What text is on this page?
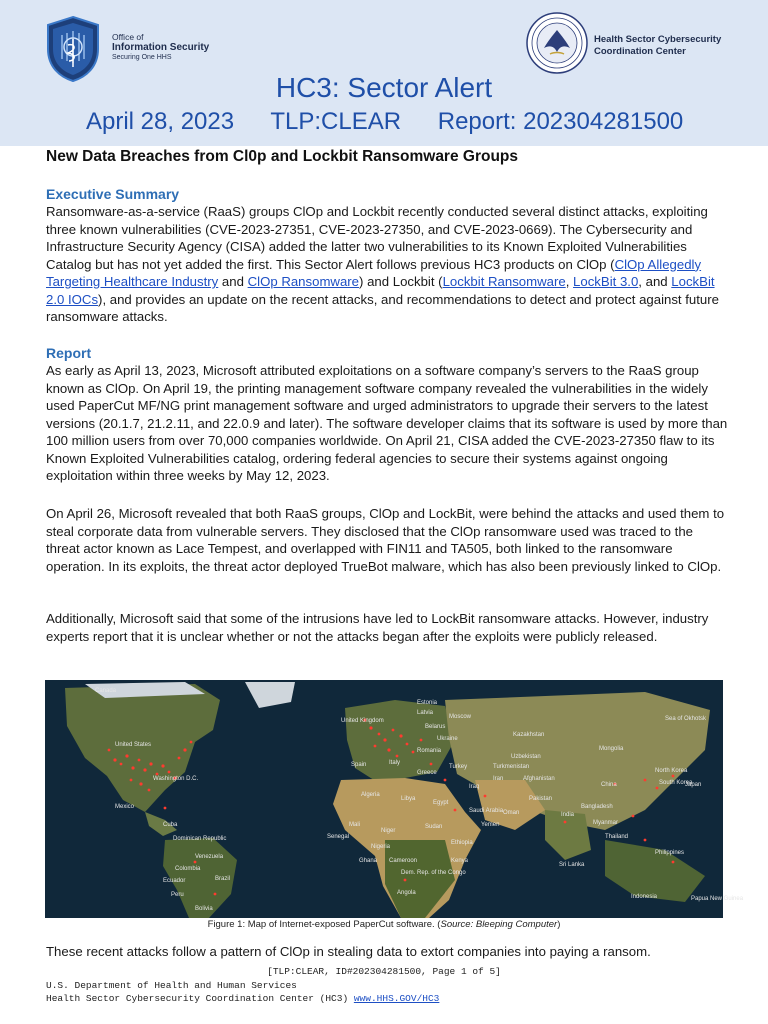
Office of
Information Security
Securing One HHS
Health Sector Cybersecurity
Coordination Center
HC3: Sector Alert
April 28, 2023 TLP:CLEAR Report: 202304281500
New Data Breaches from Cl0p and Lockbit Ransomware Groups
Executive Summary

Ransomware-as-a-service (RaaS) groups ClOp and Lockbit recently conducted several distinct attacks, exploiting three known vulnerabilities (CVE-2023-27351, CVE-2023-27350, and CVE-2023-0669). The Cybersecurity and Infrastructure Security Agency (CISA) added the latter two vulnerabilities to its Known Exploited Vulnerabilities Catalog but has not yet added the first. This Sector Alert follows previous HC3 products on ClOp (ClOp Allegedly Targeting Healthcare Industry and ClOp Ransomware) and Lockbit (Lockbit Ransomware, LockBit 3.0, and LockBit 2.0 IOCs), and provides an update on the recent attacks, and recommendations to detect and protect against future ransomware attacks.

Report

As early as April 13, 2023, Microsoft attributed exploitations on a software company’s servers to the RaaS group known as ClOp. On April 19, the printing management software company revealed the vulnerabilities in the widely used PaperCut MF/NG print management software and urged administrators to upgrade their servers to the latest versions (20.1.7, 21.2.11, and 22.0.9 and later). The software developer claims that its software is used by more than 100 million users from over 70,000 companies worldwide. On April 21, CISA added the CVE-2023-27350 flaw to its Known Exploited Vulnerabilities catalog, ordering federal agencies to secure their systems against ongoing exploitation within three weeks by May 12, 2023.

On April 26, Microsoft revealed that both RaaS groups, ClOp and LockBit, were behind the attacks and used them to steal corporate data from vulnerable servers. They disclosed that the ClOp ransomware used was traced to the threat actor known as Lace Tempest, and overlapped with FIN11 and TA505, both linked to the ransomware operation. In its exploits, the threat actor deployed TrueBot malware, which has also been previously linked to ClOp.

Additionally, Microsoft said that some of the intrusions have led to LockBit ransomware attacks. However, industry experts report that it is unclear whether or not the attacks began after the exploits were publicly released.

Canada
United States
Washington D.C.
Mexico
Cuba
Dominican Republic
Venezuela
Colombia
Ecuador
Peru
Brazil
Bolivia
United Kingdom
Estonia
Latvia
Moscow
Belarus
Ukraine
Romania
Spain	Italy
Greece
Turkey
Algeria
Libya
Egypt
Mali
Niger
Nigeria
Sudan
Ethiopia
Kenya
Dem. Rep. of the Congo
Angola
Iran
Iraq
Saudi Arabia
Afghanistan
Pakistan
India
Kazakhstan
Mongolia
China
North Korea
South Korea
Japan
Myanmar
Thailand
Bangladesh
Philippines
Sri Lanka
Indonesia	Papua New Guinea
Senegal
Ghana Cameroon
Yemen
Oman
Uzbekistan
Turkmenistan
Sea of Okhotsk
Figure 1: Map of Internet-exposed PaperCut software. (Source: Bleeping Computer)
These recent attacks follow a pattern of ClOp in stealing data to extort companies into paying a ransom.
[TLP:CLEAR, ID#202304281500, Page 1 of 5]
U.S. Department of Health and Human Services
Health Sector Cybersecurity Coordination Center (HC3) www.HHS.GOV/HC3
